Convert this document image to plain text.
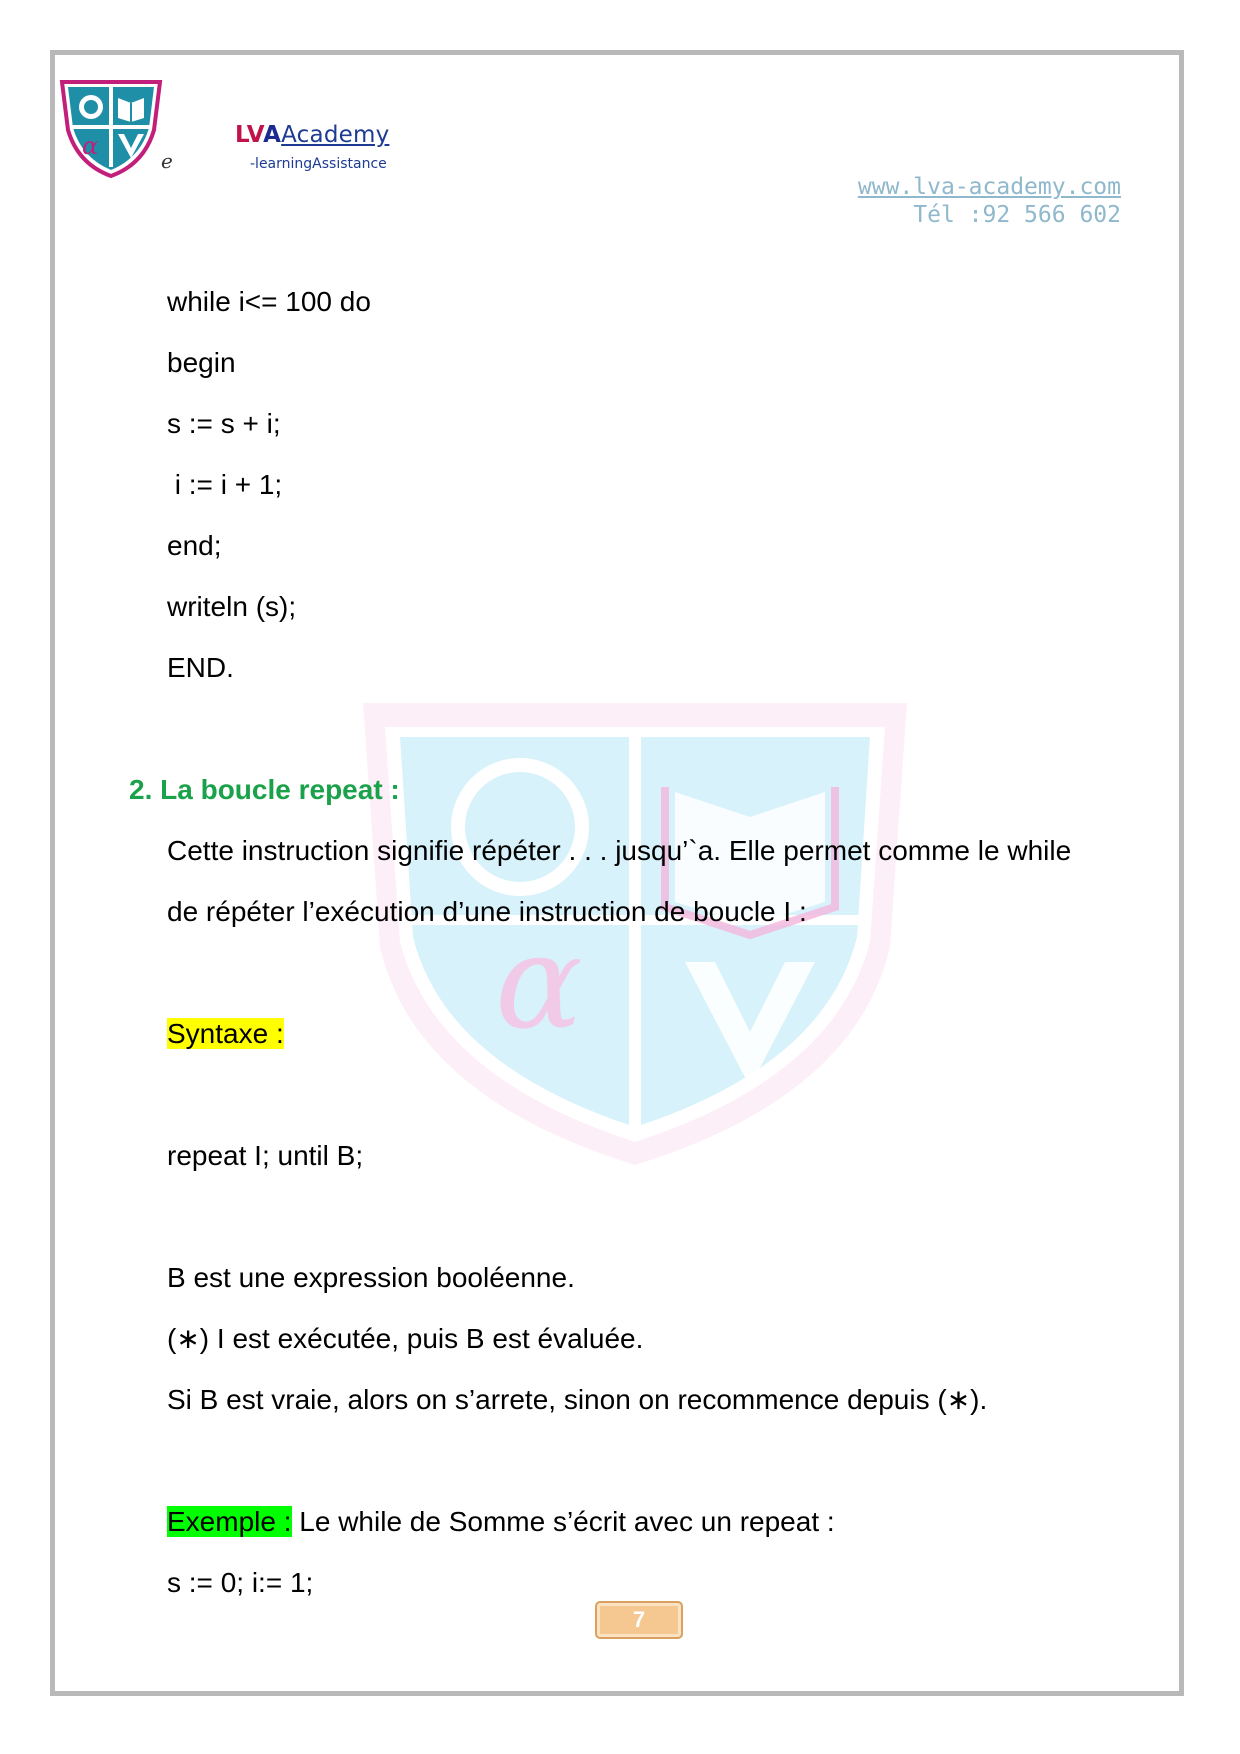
α	LVAAcademy
-learningAssistance
e
www.lva-academy.com
Tél :92 566 602
α
while i<= 100 do
begin
s := s + i;
i := i + 1;
end;
writeln (s);
END.
2. La boucle repeat :
Cette instruction signifie répéter . . . jusqu’`a. Elle permet comme le while
de répéter l’exécution d’une instruction de boucle I :
Syntaxe :
repeat I; until B;
B est une expression booléenne.
(∗) I est exécutée, puis B est évaluée.
Si B est vraie, alors on s’arrete, sinon on recommence depuis (∗).
Exemple : Le while de Somme s’écrit avec un repeat :
s := 0; i:= 1;
7
